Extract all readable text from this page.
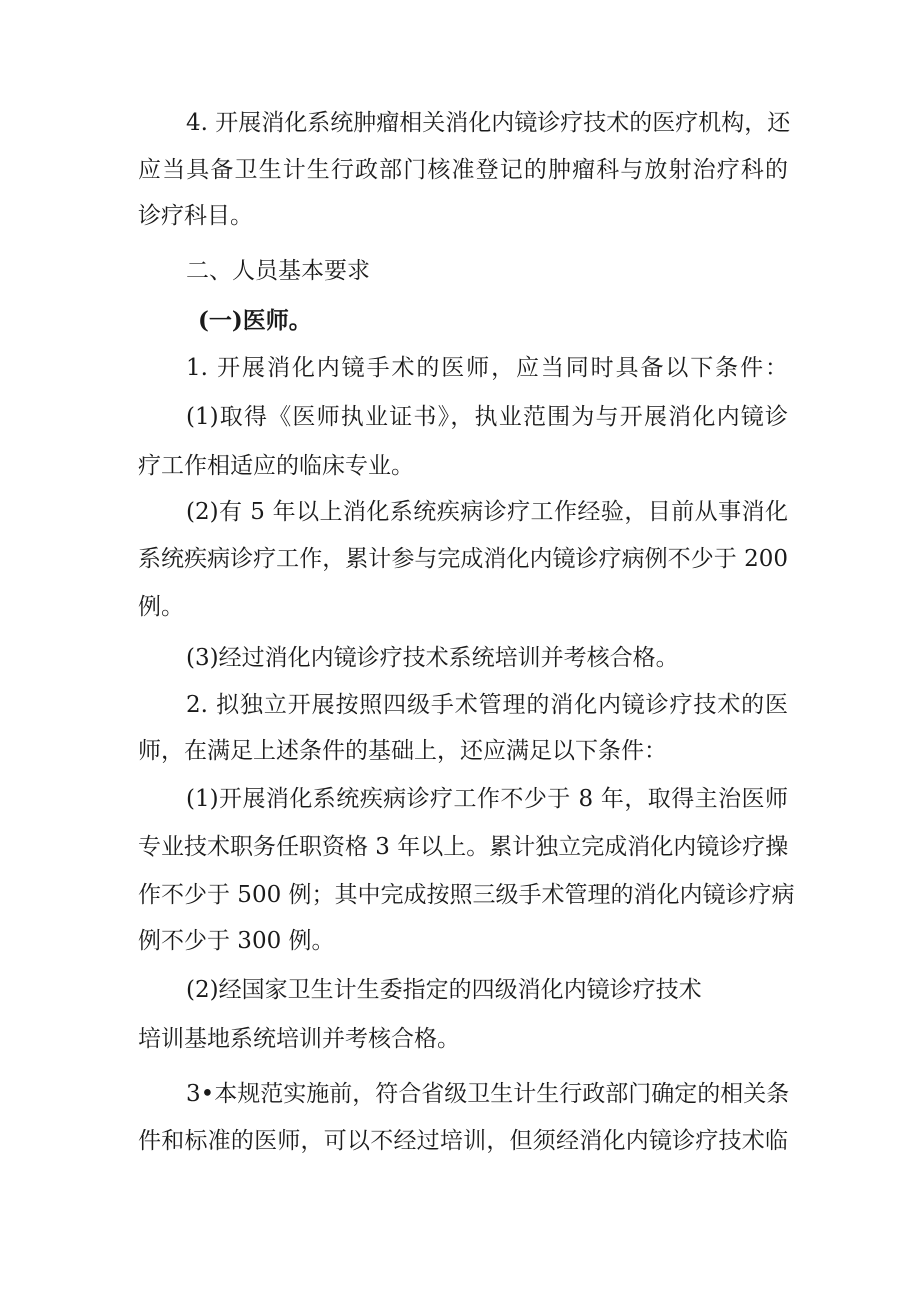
4. 开展消化系统肿瘤相关消化内镜诊疗技术的医疗机构，还
应当具备卫生计生行政部门核准登记的肿瘤科与放射治疗科的
诊疗科目。
二、人员基本要求
(一)医师。
1. 开展消化内镜手术的医师，应当同时具备以下条件：
(1)取得《医师执业证书》，执业范围为与开展消化内镜诊
疗工作相适应的临床专业。
(2)有 5 年以上消化系统疾病诊疗工作经验，目前从事消化
系统疾病诊疗工作，累计参与完成消化内镜诊疗病例不少于 200
例。
(3)经过消化内镜诊疗技术系统培训并考核合格。
2. 拟独立开展按照四级手术管理的消化内镜诊疗技术的医
师，在满足上述条件的基础上，还应满足以下条件：
(1)开展消化系统疾病诊疗工作不少于 8 年，取得主治医师
专业技术职务任职资格 3 年以上。累计独立完成消化内镜诊疗操
作不少于 500 例；其中完成按照三级手术管理的消化内镜诊疗病
例不少于 300 例。
(2)经国家卫生计生委指定的四级消化内镜诊疗技术
培训基地系统培训并考核合格。
3•本规范实施前，符合省级卫生计生行政部门确定的相关条
件和标准的医师，可以不经过培训，但须经消化内镜诊疗技术临
